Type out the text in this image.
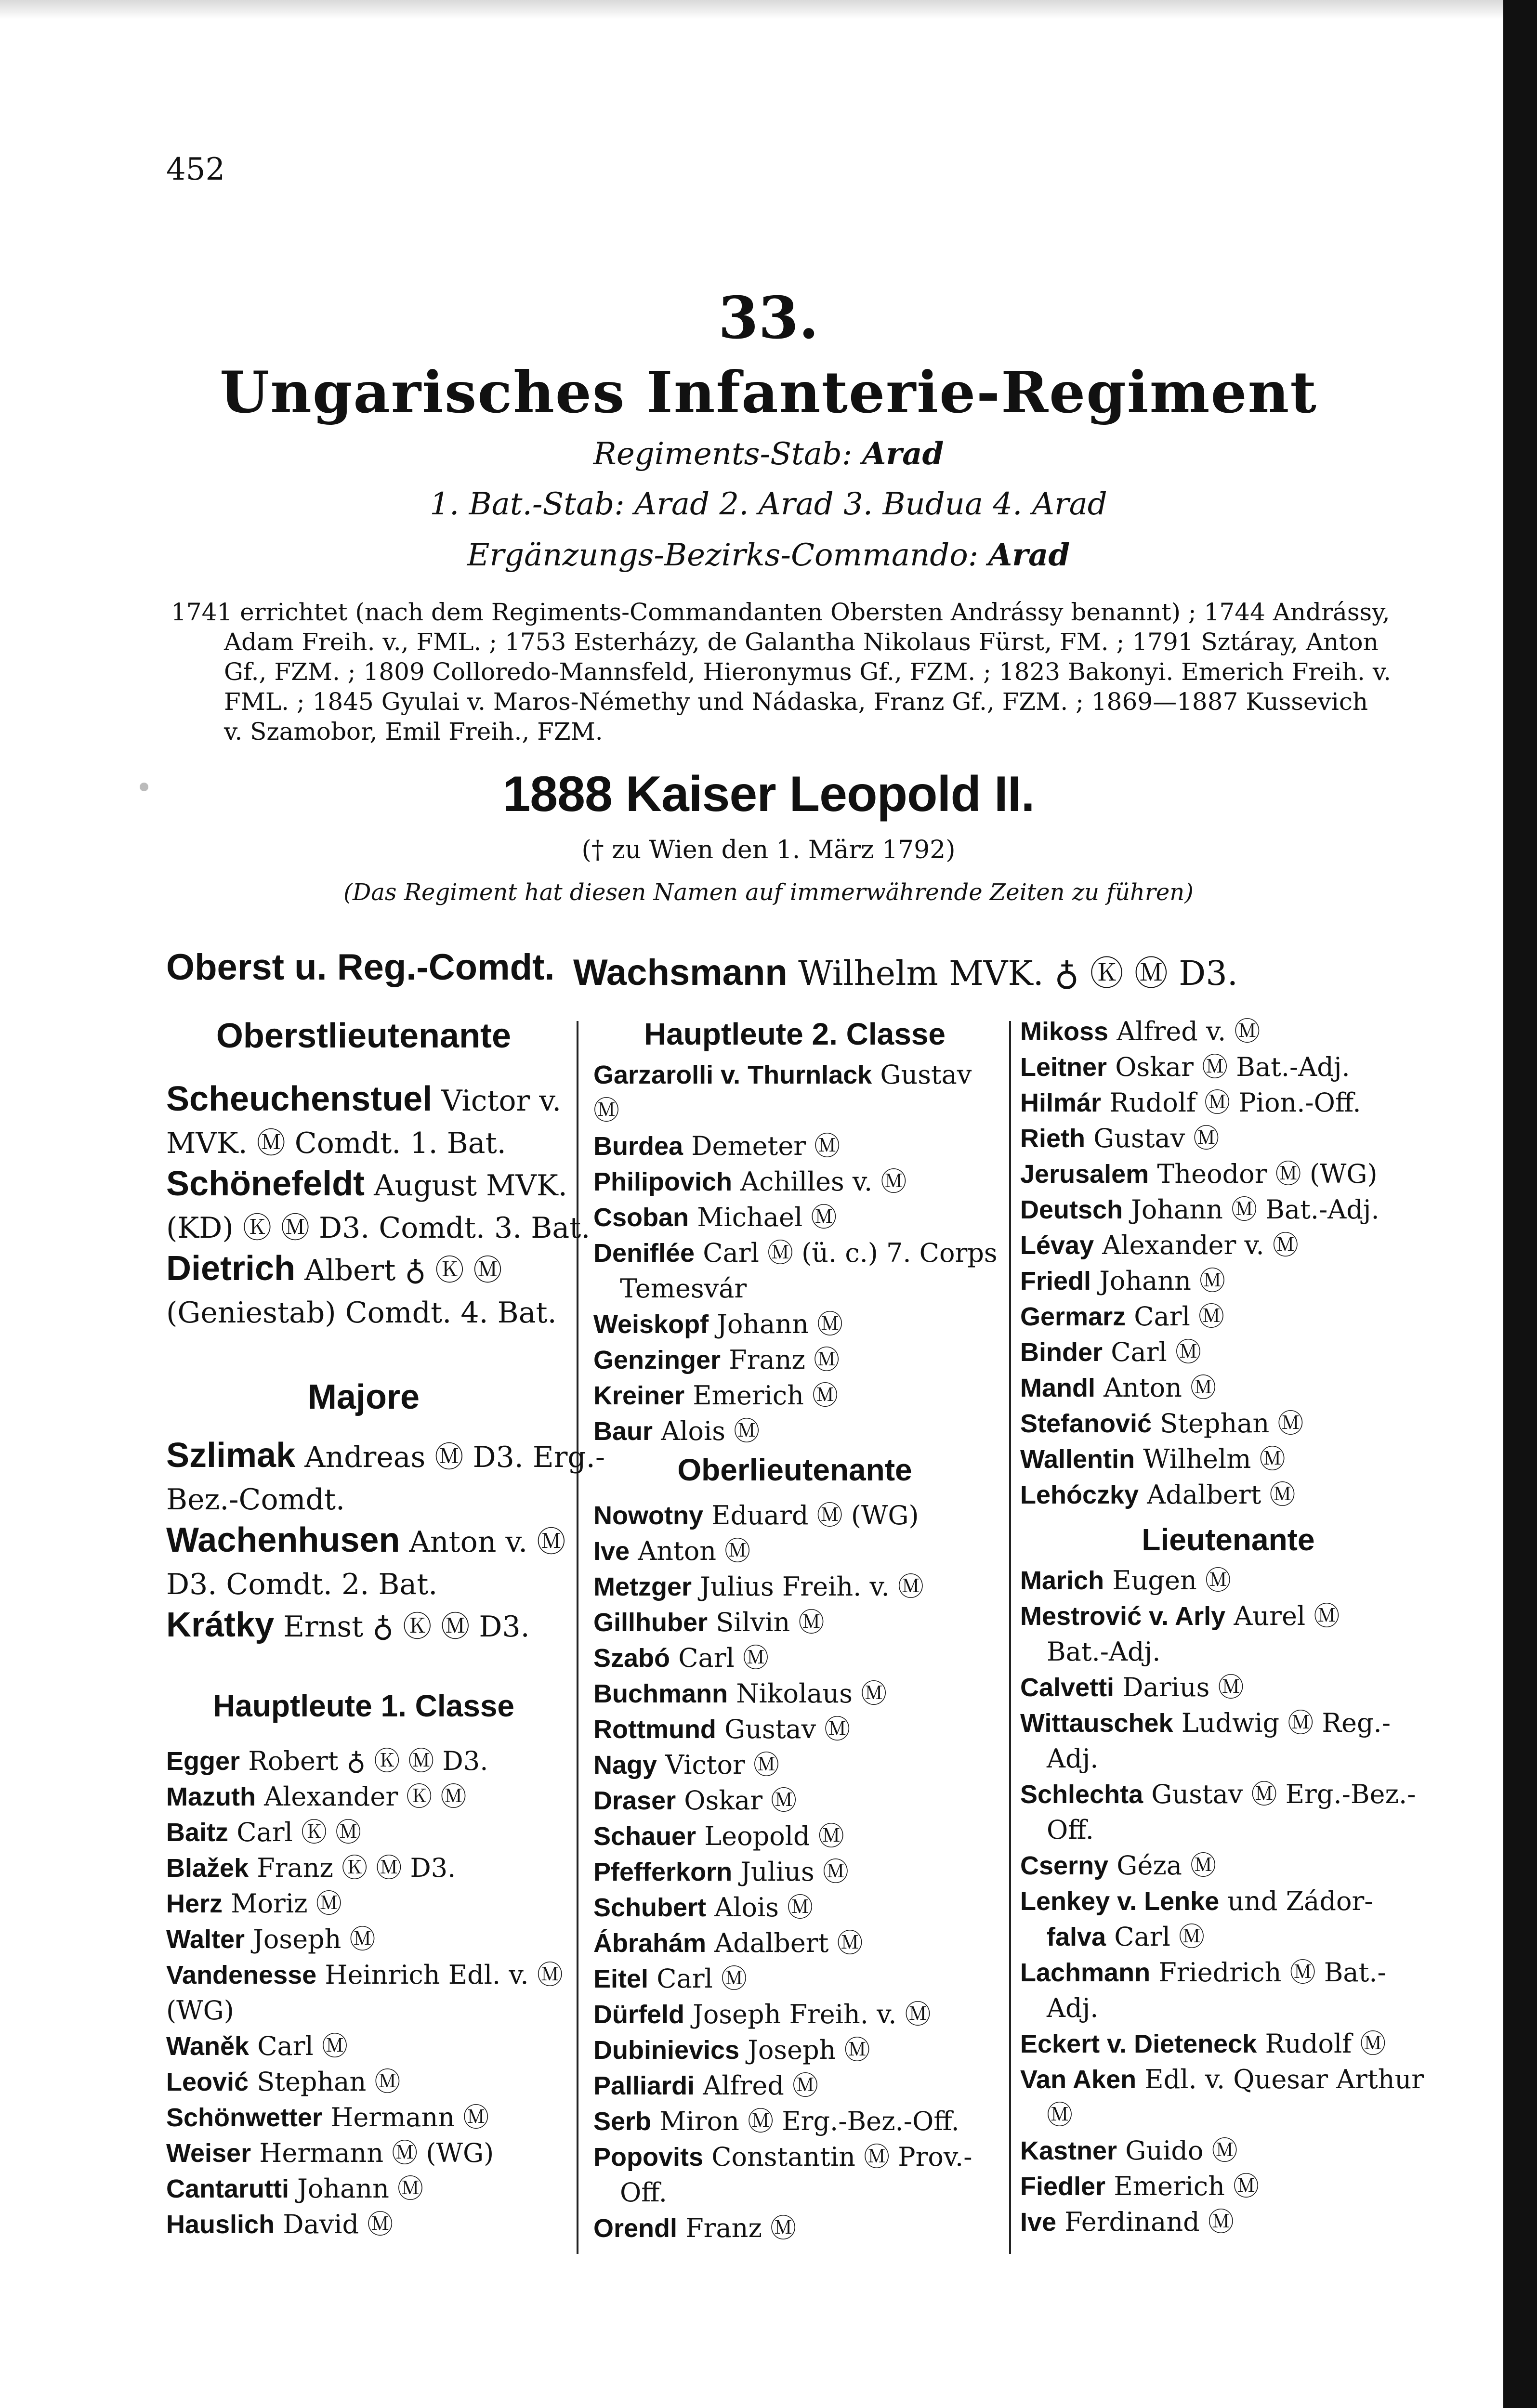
452
33.
Ungarisches Infanterie-Regiment
Regiments-Stab: Arad
1. Bat.-Stab: Arad 2. Arad 3. Budua 4. Arad
Ergänzungs-Bezirks-Commando: Arad

1741 errichtet (nach dem Regiments-Commandanten Obersten Andrássy benannt) ; 1744 Andrássy,

Adam Freih. v., FML. ; 1753 Esterházy, de Galantha Nikolaus Fürst, FM. ; 1791 Sztáray, Anton

Gf., FZM. ; 1809 Colloredo-Mannsfeld, Hieronymus Gf., FZM. ; 1823 Bakonyi. Emerich Freih. v.

FML. ; 1845 Gyulai v. Maros-Némethy und Nádaska, Franz Gf., FZM. ; 1869—1887 Kussevich

v. Szamobor, Emil Freih., FZM.

1888 Kaiser Leopold II.
(† zu Wien den 1. März 1792)
(Das Regiment hat diesen Namen auf immerwährende Zeiten zu führen)
Oberst u. Reg.-Comdt. Wachsmann Wilhelm MVK. ♁ Ⓚ Ⓜ D3.
Oberstlieutenante
Scheuchenstuel Victor v.
MVK. Ⓜ Comdt. 1. Bat.
Schönefeldt August MVK.
(KD) Ⓚ Ⓜ D3. Comdt. 3. Bat.
Dietrich Albert ♁ Ⓚ Ⓜ
(Geniestab) Comdt. 4. Bat.
Majore
Szlimak Andreas Ⓜ D3. Erg.-
Bez.-Comdt.
Wachenhusen Anton v. Ⓜ
D3. Comdt. 2. Bat.
Krátky Ernst ♁ Ⓚ Ⓜ D3.
Hauptleute 1. Classe
Egger Robert ♁ Ⓚ Ⓜ D3.
Mazuth Alexander Ⓚ Ⓜ
Baitz Carl Ⓚ Ⓜ
Blažek Franz Ⓚ Ⓜ D3.
Herz Moriz Ⓜ
Walter Joseph Ⓜ
Vandenesse Heinrich Edl. v. Ⓜ
(WG)
Waněk Carl Ⓜ
Leović Stephan Ⓜ
Schönwetter Hermann Ⓜ
Weiser Hermann Ⓜ (WG)
Cantarutti Johann Ⓜ
Hauslich David Ⓜ
Hauptleute 2. Classe
Garzarolli v. Thurnlack Gustav
Ⓜ
Burdea Demeter Ⓜ
Philipovich Achilles v. Ⓜ
Csoban Michael Ⓜ
Deniflée Carl Ⓜ (ü. c.) 7. Corps
Temesvár
Weiskopf Johann Ⓜ
Genzinger Franz Ⓜ
Kreiner Emerich Ⓜ
Baur Alois Ⓜ
Oberlieutenante
Nowotny Eduard Ⓜ (WG)
Ive Anton Ⓜ
Metzger Julius Freih. v. Ⓜ
Gillhuber Silvin Ⓜ
Szabó Carl Ⓜ
Buchmann Nikolaus Ⓜ
Rottmund Gustav Ⓜ
Nagy Victor Ⓜ
Draser Oskar Ⓜ
Schauer Leopold Ⓜ
Pfefferkorn Julius Ⓜ
Schubert Alois Ⓜ
Ábrahám Adalbert Ⓜ
Eitel Carl Ⓜ
Dürfeld Joseph Freih. v. Ⓜ
Dubinievics Joseph Ⓜ
Palliardi Alfred Ⓜ
Serb Miron Ⓜ Erg.-Bez.-Off.
Popovits Constantin Ⓜ Prov.-
Off.
Orendl Franz Ⓜ
Mikoss Alfred v. Ⓜ
Leitner Oskar Ⓜ Bat.-Adj.
Hilmár Rudolf Ⓜ Pion.-Off.
Rieth Gustav Ⓜ
Jerusalem Theodor Ⓜ (WG)
Deutsch Johann Ⓜ Bat.-Adj.
Lévay Alexander v. Ⓜ
Friedl Johann Ⓜ
Germarz Carl Ⓜ
Binder Carl Ⓜ
Mandl Anton Ⓜ
Stefanović Stephan Ⓜ
Wallentin Wilhelm Ⓜ
Lehóczky Adalbert Ⓜ
Lieutenante
Marich Eugen Ⓜ
Mestrović v. Arly Aurel Ⓜ
Bat.-Adj.
Calvetti Darius Ⓜ
Wittauschek Ludwig Ⓜ Reg.-
Adj.
Schlechta Gustav Ⓜ Erg.-Bez.-
Off.
Cserny Géza Ⓜ
Lenkey v. Lenke und Zádor-
falva Carl Ⓜ
Lachmann Friedrich Ⓜ Bat.-
Adj.
Eckert v. Dieteneck Rudolf Ⓜ
Van Aken Edl. v. Quesar Arthur
Ⓜ
Kastner Guido Ⓜ
Fiedler Emerich Ⓜ
Ive Ferdinand Ⓜ
